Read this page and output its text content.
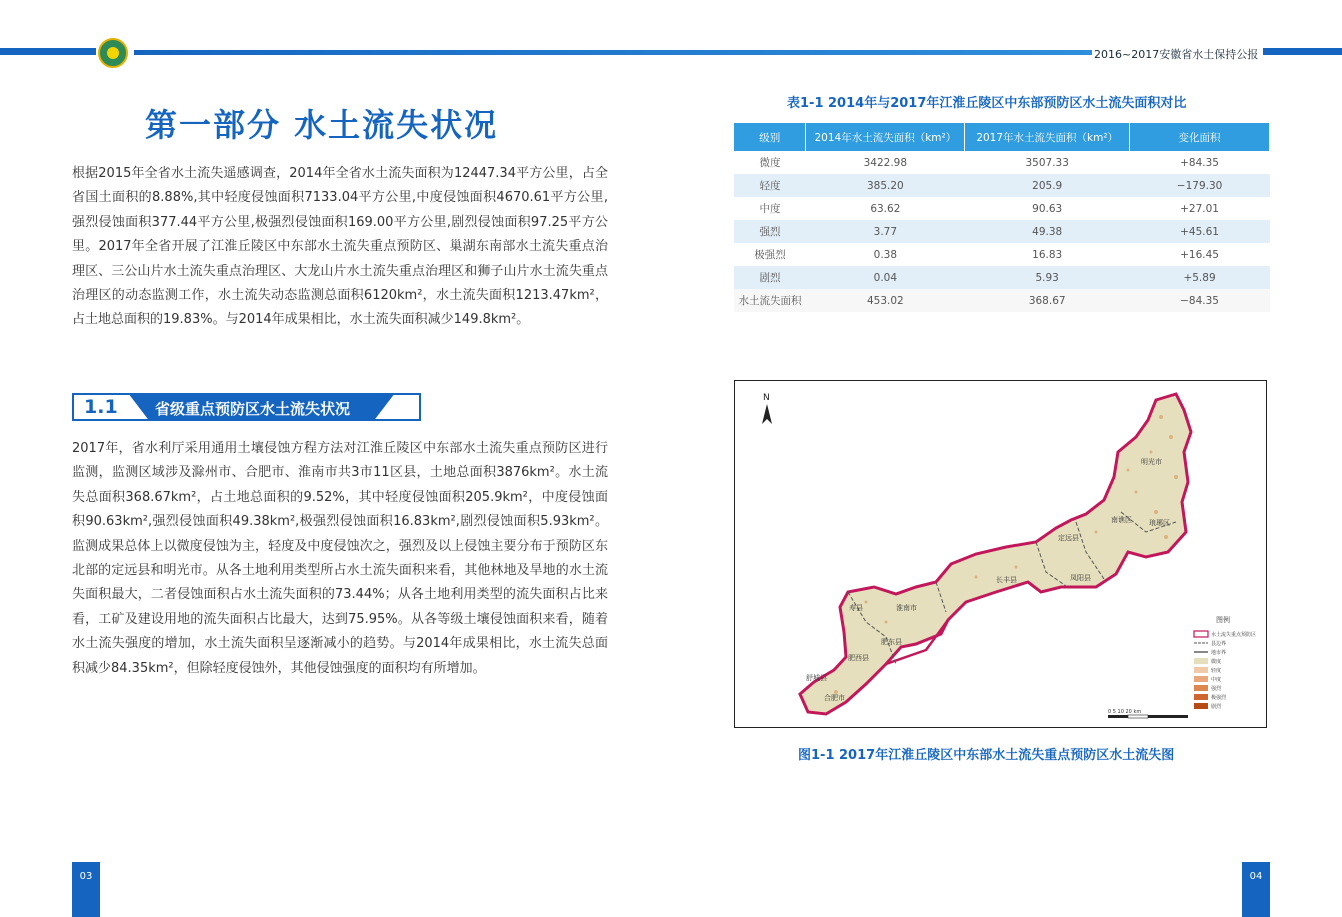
2016~2017安徽省水土保持公报
第一部分 水土流失状况
根据2015年全省水土流失遥感调查，2014年全省水土流失面积为12447.34平方公里，占全省国土面积的8.88%,其中轻度侵蚀面积7133.04平方公里,中度侵蚀面积4670.61平方公里,强烈侵蚀面积377.44平方公里,极强烈侵蚀面积169.00平方公里,剧烈侵蚀面积97.25平方公里。2017年全省开展了江淮丘陵区中东部水土流失重点预防区、巢湖东南部水土流失重点治理区、三公山片水土流失重点治理区、大龙山片水土流失重点治理区和狮子山片水土流失重点治理区的动态监测工作，水土流失动态监测总面积6120km²，水土流失面积1213.47km²，占土地总面积的19.83%。与2014年成果相比，水土流失面积减少149.8km²。
1.1 省级重点预防区水土流失状况
2017年，省水利厅采用通用土壤侵蚀方程方法对江淮丘陵区中东部水土流失重点预防区进行监测，监测区域涉及滁州市、合肥市、淮南市共3市11区县，土地总面积3876km²。水土流失总面积368.67km²，占土地总面积的9.52%，其中轻度侵蚀面积205.9km²，中度侵蚀面积90.63km²,强烈侵蚀面积49.38km²,极强烈侵蚀面积16.83km²,剧烈侵蚀面积5.93km²。监测成果总体上以微度侵蚀为主，轻度及中度侵蚀次之，强烈及以上侵蚀主要分布于预防区东北部的定远县和明光市。从各土地利用类型所占水土流失面积来看，其他林地及旱地的水土流失面积最大，二者侵蚀面积占水土流失面积的73.44%；从各土地利用类型的流失面积占比来看，工矿及建设用地的流失面积占比最大，达到75.95%。从各等级土壤侵蚀面积来看，随着水土流失强度的增加，水土流失面积呈逐渐减小的趋势。与2014年成果相比，水土流失总面积减少84.35km²，但除轻度侵蚀外，其他侵蚀强度的面积均有所增加。
03
表1-1 2014年与2017年江淮丘陵区中东部预防区水土流失面积对比
级别	2014年水土流失面积（km²）	2017年水土流失面积（km²）	变化面积
微度	3422.98	3507.33	+84.35
轻度	385.20	205.9	−179.30
中度	63.62	90.63	+27.01
强烈	3.77	49.38	+45.61
极强烈	0.38	16.83	+16.45
剧烈	0.04	5.93	+5.89
水土流失面积	453.02	368.67	−84.35
N
明光市
南谯区 琅琊区
定远县
凤阳县
长丰县
寿县	淮南市
肥西县
肥东县
合肥市
舒城县
图例
水土流失重点预防区
县边界
地市界
微度
轻度
中度
强烈
极强烈
剧烈
0 5 10 20 km
图1-1 2017年江淮丘陵区中东部水土流失重点预防区水土流失图
04
